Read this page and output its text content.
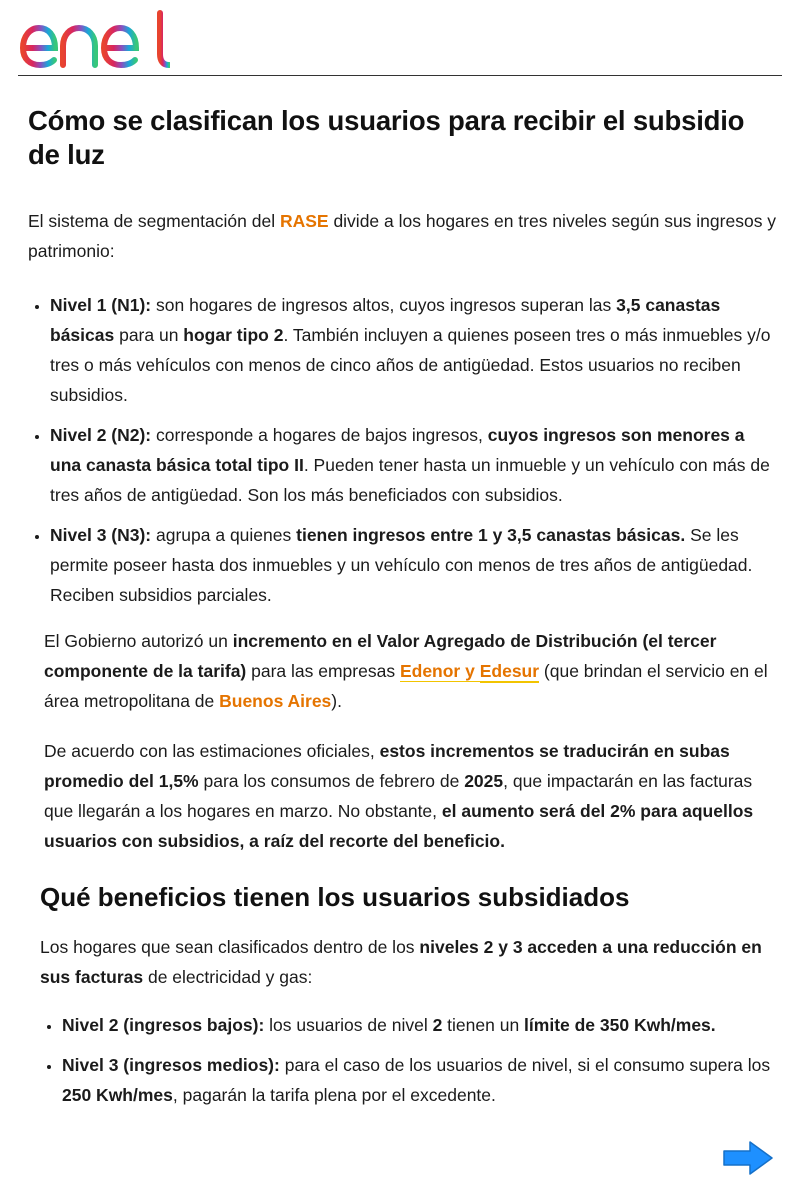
Cómo se clasifican los usuarios para recibir el subsidio de luz

El sistema de segmentación del RASE divide a los hogares en tres niveles según sus ingresos y patrimonio:

• Nivel 1 (N1): son hogares de ingresos altos, cuyos ingresos superan las 3,5 canastas básicas para un hogar tipo 2. También incluyen a quienes poseen tres o más inmuebles y/o tres o más vehículos con menos de cinco años de antigüedad. Estos usuarios no reciben subsidios.
• Nivel 2 (N2): corresponde a hogares de bajos ingresos, cuyos ingresos son menores a una canasta básica total tipo II. Pueden tener hasta un inmueble y un vehículo con más de tres años de antigüedad. Son los más beneficiados con subsidios.
• Nivel 3 (N3): agrupa a quienes tienen ingresos entre 1 y 3,5 canastas básicas. Se les permite poseer hasta dos inmuebles y un vehículo con menos de tres años de antigüedad. Reciben subsidios parciales.

El Gobierno autorizó un incremento en el Valor Agregado de Distribución (el tercer componente de la tarifa) para las empresas Edenor y Edesur (que brindan el servicio en el área metropolitana de Buenos Aires).

De acuerdo con las estimaciones oficiales, estos incrementos se traducirán en subas promedio del 1,5% para los consumos de febrero de 2025, que impactarán en las facturas que llegarán a los hogares en marzo. No obstante, el aumento será del 2% para aquellos usuarios con subsidios, a raíz del recorte del beneficio.

Qué beneficios tienen los usuarios subsidiados

Los hogares que sean clasificados dentro de los niveles 2 y 3 acceden a una reducción en sus facturas de electricidad y gas:

• Nivel 2 (ingresos bajos): los usuarios de nivel 2 tienen un límite de 350 Kwh/mes.
• Nivel 3 (ingresos medios): para el caso de los usuarios de nivel, si el consumo supera los 250 Kwh/mes, pagarán la tarifa plena por el excedente.
